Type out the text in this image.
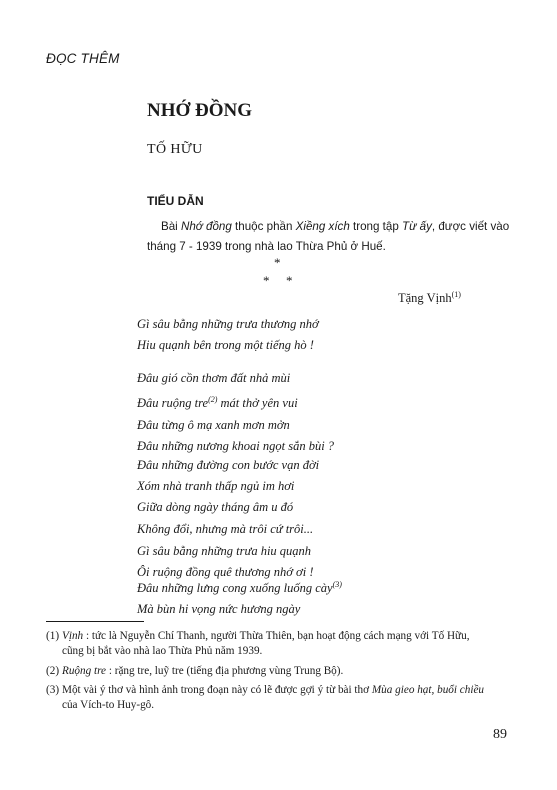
ĐỌC THÊM
NHỚ ĐỒNG
TỐ HỮU
TIỂU DẪN
Bài Nhớ đồng thuộc phần Xiềng xích trong tập Từ ấy, được viết vào tháng 7 - 1939 trong nhà lao Thừa Phủ ở Huế.
*
* *
Tặng Vịnh$^{(1)}$
Gì sâu bằng những trưa thương nhớ
Hiu quạnh bên trong một tiếng hò !
Đâu gió cồn thơm đất nhả mùi
Đâu ruộng tre$^{(2)}$ mát thở yên vui
Đâu từng ô mạ xanh mơn mởn
Đâu những nương khoai ngọt sắn bùi ?
Đâu những đường con bước vạn đời
Xóm nhà tranh thấp ngủ im hơi
Giữa dòng ngày tháng âm u đó
Không đổi, nhưng mà trôi cứ trôi...
Gì sâu bằng những trưa hiu quạnh
Ôi ruộng đồng quê thương nhớ ơi !
Đâu những lưng cong xuống luống cày$^{(3)}$
Mà bùn hi vọng nức hương ngày
(1) Vịnh : tức là Nguyễn Chí Thanh, người Thừa Thiên, bạn hoạt động cách mạng với Tố Hữu,
cũng bị bắt vào nhà lao Thừa Phủ năm 1939.
(2) Ruộng tre : rặng tre, luỹ tre (tiếng địa phương vùng Trung Bộ).
(3) Một vài ý thơ và hình ảnh trong đoạn này có lẽ được gợi ý từ bài thơ Mùa gieo hạt, buổi chiều
của Vích-to Huy-gô.
89
